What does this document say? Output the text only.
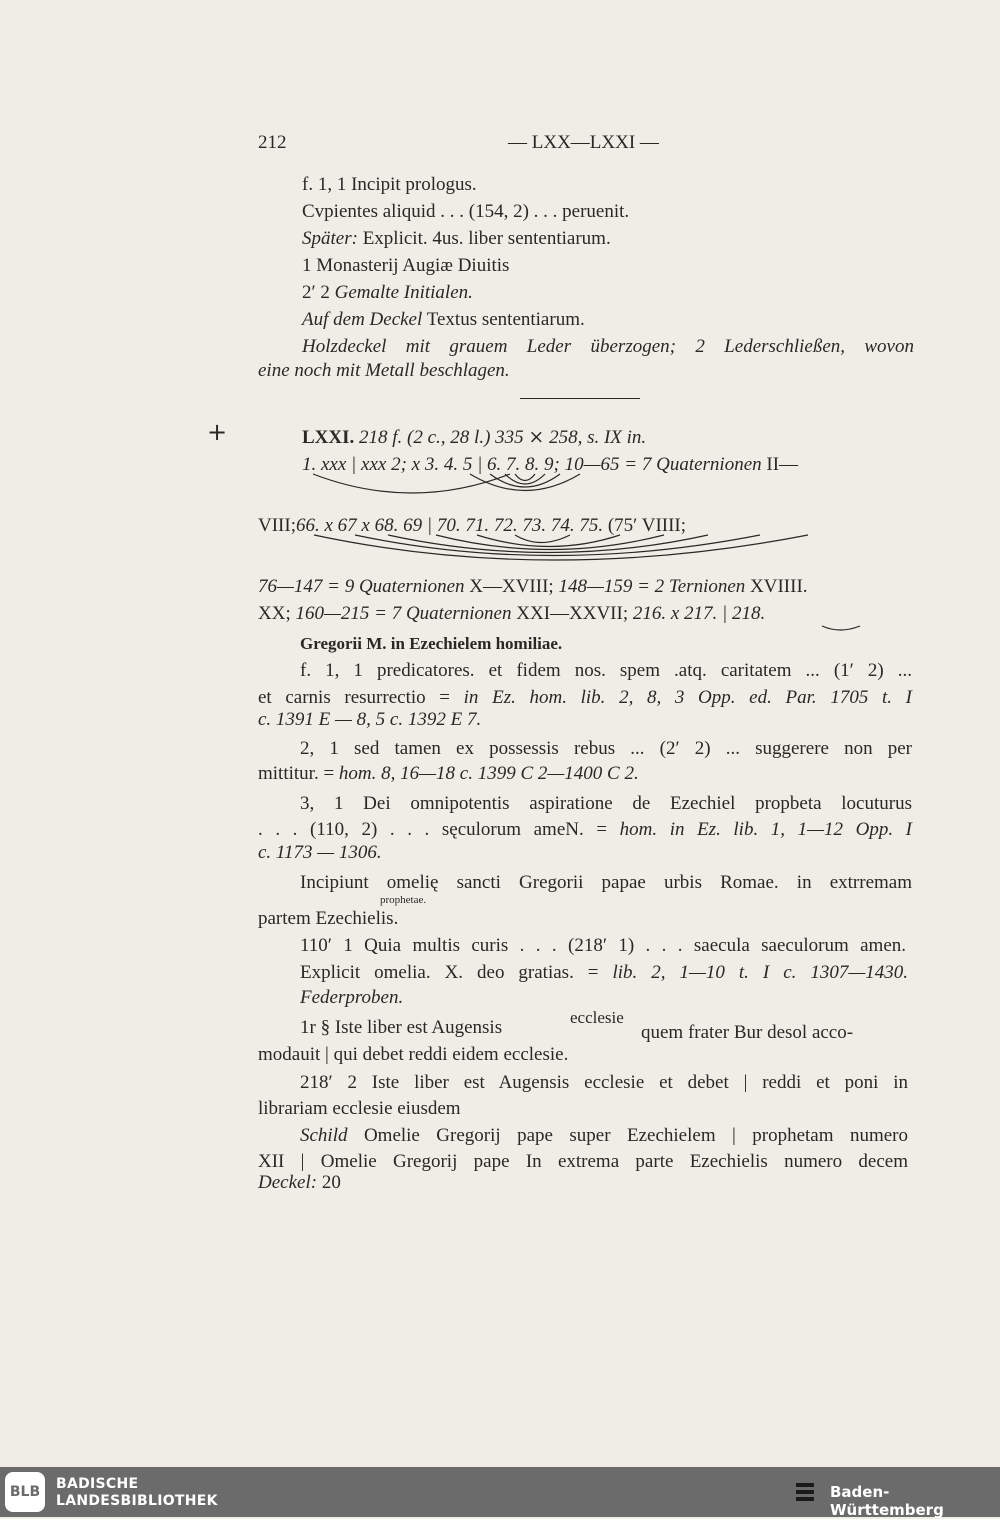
212	— LXX—LXXI —
f. 1, 1 Incipit prologus.
Cvpientes aliquid . . . (154, 2) . . . peruenit.
Später: Explicit. 4us. liber sententiarum.
1 Monasterij Augiæ Diuitis
2′ 2 Gemalte Initialen.
Auf dem Deckel Textus sententiarum.
Holzdeckel mit grauem Leder überzogen; 2 Lederschließen, wovon
eine noch mit Metall beschlagen.
+	LXXI. 218 f. (2 c., 28 l.) 335 ⨯ 258, s. IX in.
1. xxx | xxx 2; x 3. 4. 5 | 6. 7. 8. 9; 10—65 = 7 Quaternionen II—
VIII;66. x 67 x 68. 69 | 70. 71. 72. 73. 74. 75. (75′ VIIII;
76—147 = 9 Quaternionen X—XVIII; 148—159 = 2 Ternionen XVIIII.
XX; 160—215 = 7 Quaternionen XXI—XXVII; 216. x 217. | 218.
Gregorii M. in Ezechielem homiliae.
f. 1, 1 predicatores. et fidem nos. spem .atq. caritatem ... (1′ 2) ...
et carnis resurrectio = in Ez. hom. lib. 2, 8, 3 Opp. ed. Par. 1705 t. I
c. 1391 E — 8, 5 c. 1392 E 7.
2, 1 sed tamen ex possessis rebus ... (2′ 2) ... suggerere non per
mittitur. = hom. 8, 16—18 c. 1399 C 2—1400 C 2.
3, 1 Dei omnipotentis aspiratione de Ezechiel propbeta locuturus
. . . (110, 2) . . . sęculorum ameN. = hom. in Ez. lib. 1, 1—12 Opp. I
c. 1173 — 1306.
Incipiunt omelię sancti Gregorii papae urbis Romae. in extrremam
prophetae.
partem Ezechielis.
110′ 1 Quia multis curis . . . (218′ 1) . . . saecula saeculorum amen.
Explicit omelia. X. deo gratias. = lib. 2, 1—10 t. I c. 1307—1430.
Federproben.
1r § Iste liber est Augensis	ecclesie
quem frater Bur desol acco-
modauit | qui debet reddi eidem ecclesie.
218′ 2 Iste liber est Augensis ecclesie et debet | reddi et poni in
librariam ecclesie eiusdem
Schild Omelie Gregorij pape super Ezechielem | prophetam numero
XII | Omelie Gregorij pape In extrema parte Ezechielis numero decem
Deckel: 20
BLB	BADISCHE
LANDESBIBLIOTHEK	Baden-Württemberg
